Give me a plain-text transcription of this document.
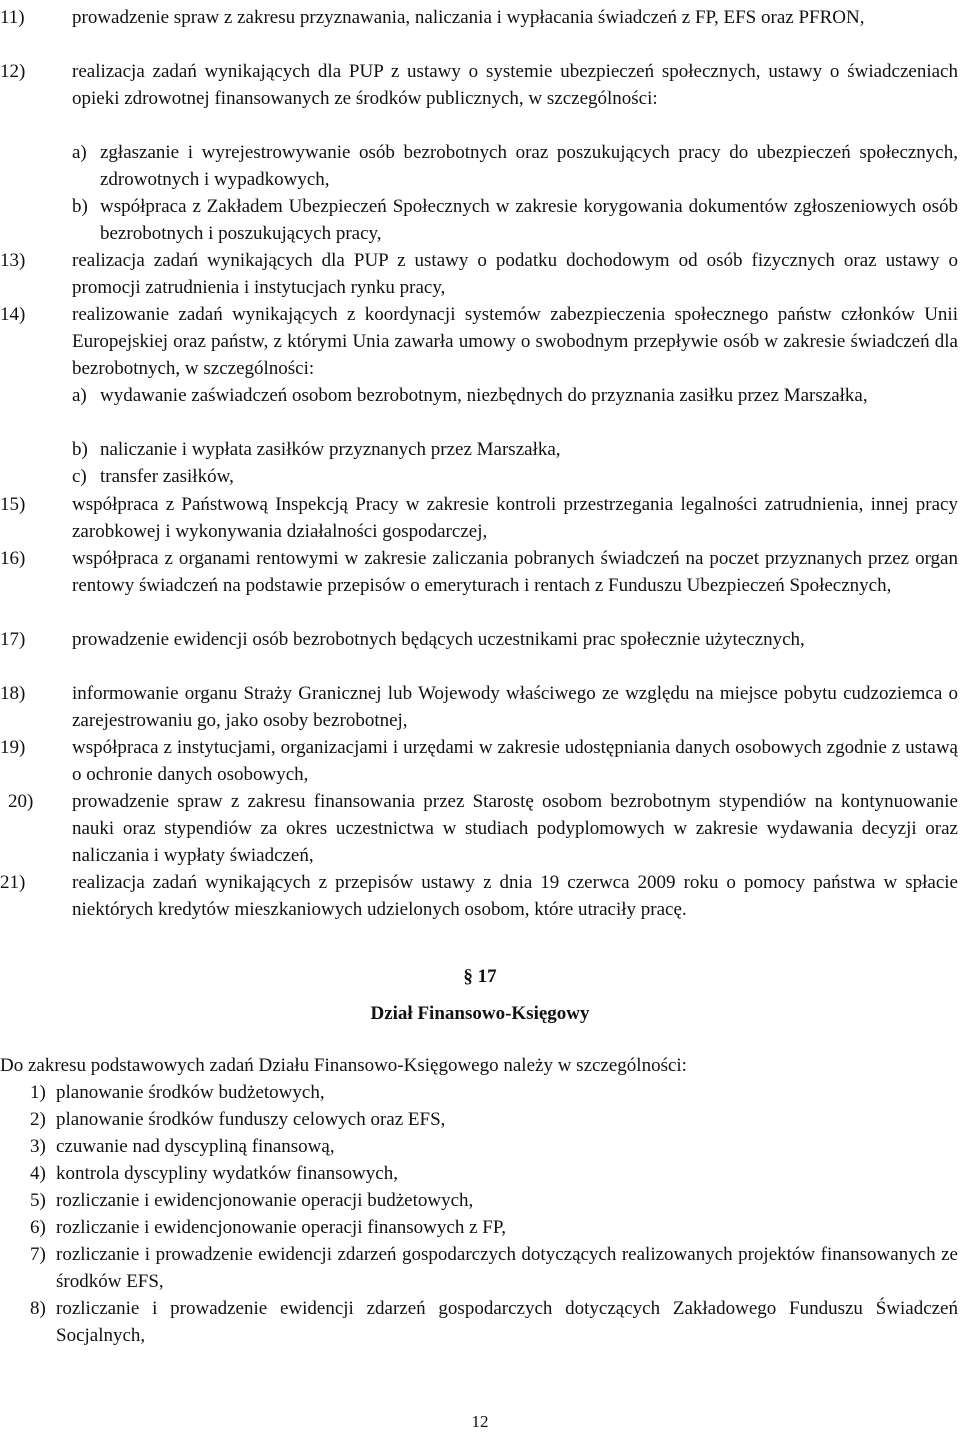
11) prowadzenie spraw z zakresu przyznawania, naliczania i wypłacania świadczeń z FP, EFS oraz PFRON,
12) realizacja zadań wynikających dla PUP z ustawy o systemie ubezpieczeń społecznych, ustawy o świadczeniach opieki zdrowotnej finansowanych ze środków publicznych, w szczególności:
a) zgłaszanie i wyrejestrowywanie osób bezrobotnych oraz poszukujących pracy do ubezpieczeń społecznych, zdrowotnych i wypadkowych,
b) współpraca z Zakładem Ubezpieczeń Społecznych w zakresie korygowania dokumentów zgłoszeniowych osób bezrobotnych i poszukujących pracy,
13) realizacja zadań wynikających dla PUP z ustawy o podatku dochodowym od osób fizycznych oraz ustawy o promocji zatrudnienia i instytucjach rynku pracy,
14) realizowanie zadań wynikających z koordynacji systemów zabezpieczenia społecznego państw członków Unii Europejskiej oraz państw, z którymi Unia zawarła umowy o swobodnym przepływie osób w zakresie świadczeń dla bezrobotnych, w szczególności:
a) wydawanie zaświadczeń osobom bezrobotnym, niezbędnych do przyznania zasiłku przez Marszałka,
b) naliczanie i wypłata zasiłków przyznanych przez Marszałka,
c) transfer zasiłków,
15) współpraca z Państwową Inspekcją Pracy w zakresie kontroli przestrzegania legalności zatrudnienia, innej pracy zarobkowej i wykonywania działalności gospodarczej,
16) współpraca z organami rentowymi w zakresie zaliczania pobranych świadczeń na poczet przyznanych przez organ rentowy świadczeń na podstawie przepisów o emeryturach i rentach z Funduszu Ubezpieczeń Społecznych,
17) prowadzenie ewidencji osób bezrobotnych będących uczestnikami prac społecznie użytecznych,
18) informowanie organu Straży Granicznej lub Wojewody właściwego ze względu na miejsce pobytu cudzoziemca o zarejestrowaniu go, jako osoby bezrobotnej,
19) współpraca z instytucjami, organizacjami i urzędami w zakresie udostępniania danych osobowych zgodnie z ustawą o ochronie danych osobowych,
20) prowadzenie spraw z zakresu finansowania przez Starostę osobom bezrobotnym stypendiów na kontynuowanie nauki oraz stypendiów za okres uczestnictwa w studiach podyplomowych w zakresie wydawania decyzji oraz naliczania i wypłaty świadczeń,
21) realizacja zadań wynikających z przepisów ustawy z dnia 19 czerwca 2009 roku o pomocy państwa w spłacie niektórych kredytów mieszkaniowych udzielonych osobom, które utraciły pracę.
§ 17
Dział Finansowo-Księgowy
Do zakresu podstawowych zadań Działu Finansowo-Księgowego należy w szczególności:
1) planowanie środków budżetowych,
2) planowanie środków funduszy celowych oraz EFS,
3) czuwanie nad dyscypliną finansową,
4) kontrola dyscypliny wydatków finansowych,
5) rozliczanie i ewidencjonowanie operacji budżetowych,
6) rozliczanie i ewidencjonowanie operacji finansowych z FP,
7) rozliczanie i prowadzenie ewidencji zdarzeń gospodarczych dotyczących realizowanych projektów finansowanych ze środków EFS,
8) rozliczanie i prowadzenie ewidencji zdarzeń gospodarczych dotyczących Zakładowego Funduszu Świadczeń Socjalnych,
12
